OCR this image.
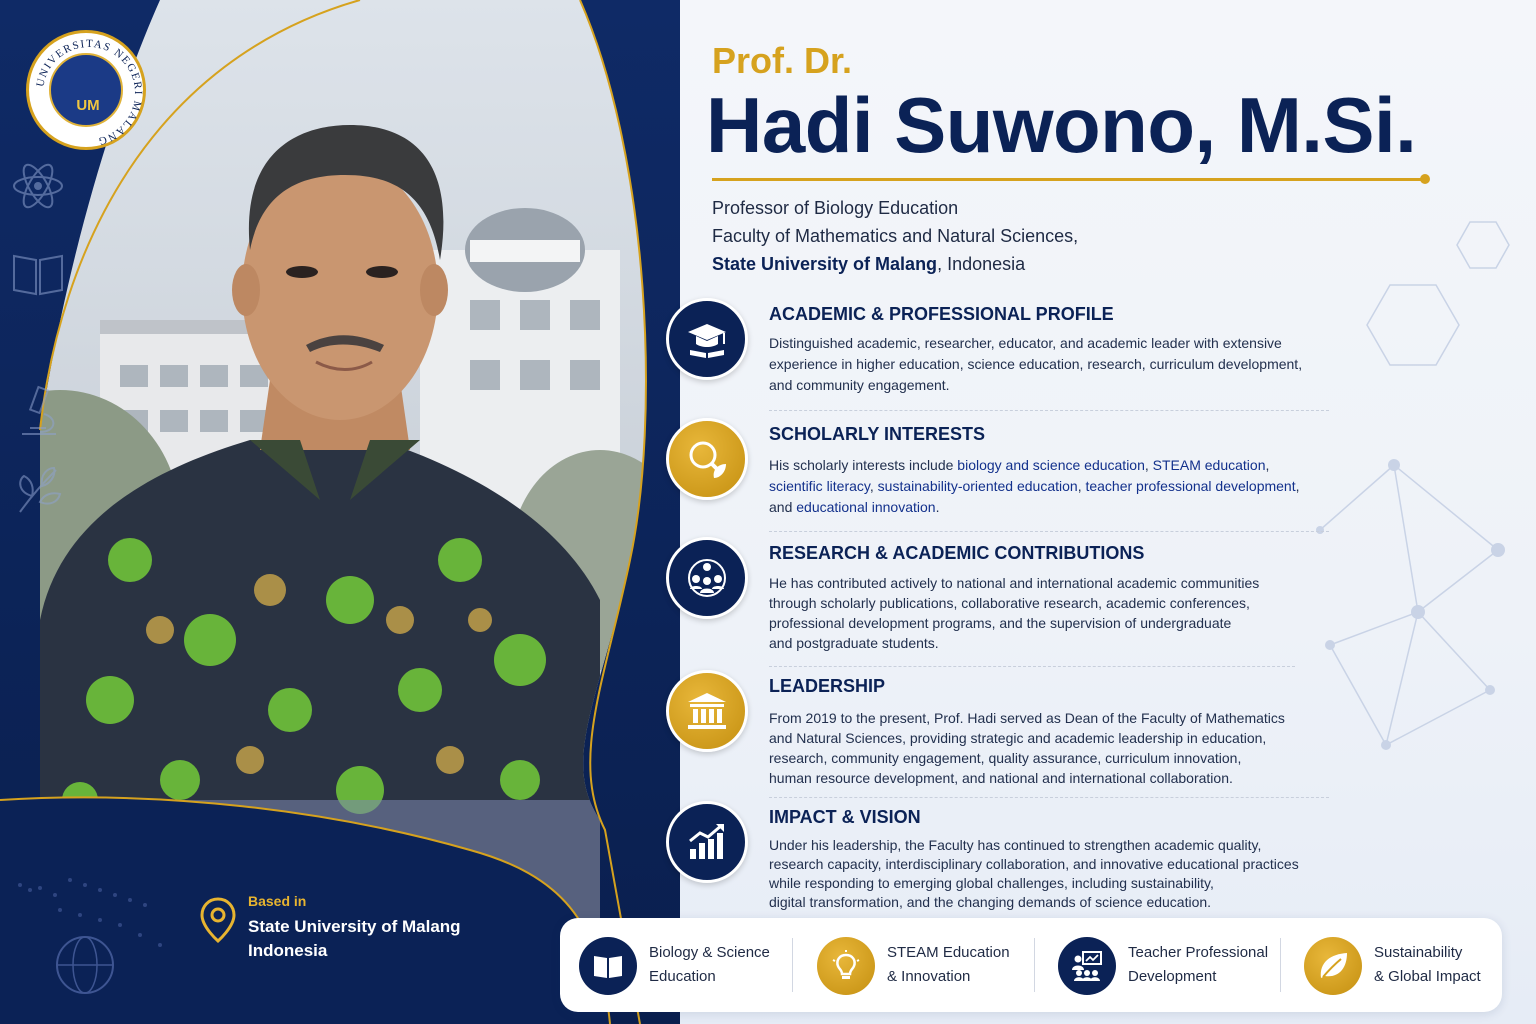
UNIVERSITAS NEGERI MALANG
UM
Based in
State University of Malang
Indonesia
Prof. Dr.
Hadi Suwono, M.Si.
Professor of Biology Education
Faculty of Mathematics and Natural Sciences,
State University of Malang, Indonesia
ACADEMIC & PROFESSIONAL PROFILE
Distinguished academic, researcher, educator, and academic leader with extensive
experience in higher education, science education, research, curriculum development,
and community engagement.
SCHOLARLY INTERESTS
His scholarly interests include biology and science education, STEAM education,
scientific literacy, sustainability-oriented education, teacher professional development,
and educational innovation.
RESEARCH & ACADEMIC CONTRIBUTIONS
He has contributed actively to national and international academic communities
through scholarly publications, collaborative research, academic conferences,
professional development programs, and the supervision of undergraduate
and postgraduate students.
LEADERSHIP
From 2019 to the present, Prof. Hadi served as Dean of the Faculty of Mathematics
and Natural Sciences, providing strategic and academic leadership in education,
research, community engagement, quality assurance, curriculum innovation,
human resource development, and national and international collaboration.
IMPACT & VISION
Under his leadership, the Faculty has continued to strengthen academic quality,
research capacity, interdisciplinary collaboration, and innovative educational practices
while responding to emerging global challenges, including sustainability,
digital transformation, and the changing demands of science education.
Biology & Science
Education
STEAM Education
& Innovation
Teacher Professional
Development
Sustainability
& Global Impact
